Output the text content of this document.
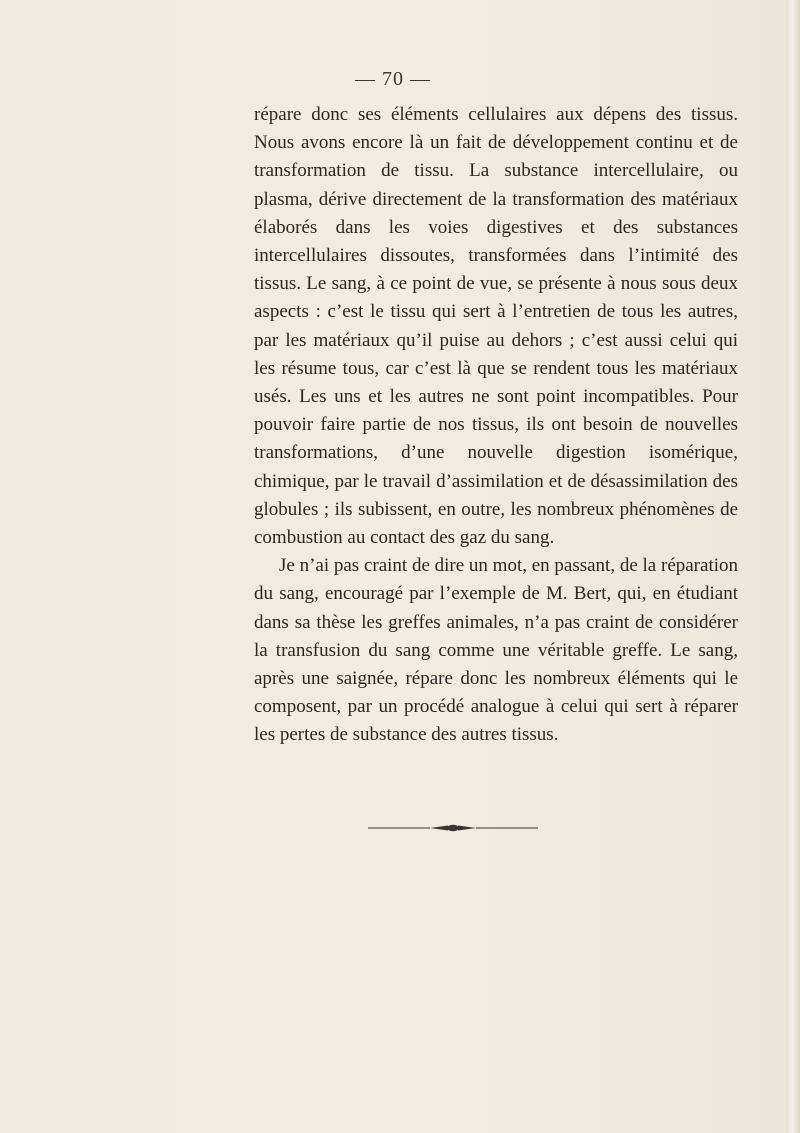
— 70 —

répare donc ses éléments cellulaires aux dépens des tissus. Nous avons encore là un fait de développement continu et de transformation de tissu. La substance intercellulaire, ou plasma, dérive directement de la transformation des matériaux élaborés dans les voies digestives et des substances intercellulaires dissoutes, transformées dans l’intimité des tissus. Le sang, à ce point de vue, se présente à nous sous deux aspects : c’est le tissu qui sert à l’entretien de tous les autres, par les matériaux qu’il puise au dehors ; c’est aussi celui qui les résume tous, car c’est là que se rendent tous les matériaux usés. Les uns et les autres ne sont point incompatibles. Pour pouvoir faire partie de nos tissus, ils ont besoin de nouvelles transformations, d’une nouvelle digestion isomérique, chimique, par le travail d’assimilation et de désassimilation des globules ; ils subissent, en outre, les nombreux phénomènes de combustion au contact des gaz du sang.

Je n’ai pas craint de dire un mot, en passant, de la réparation du sang, encouragé par l’exemple de M. Bert, qui, en étudiant dans sa thèse les greffes animales, n’a pas craint de considérer la transfusion du sang comme une véritable greffe. Le sang, après une saignée, répare donc les nombreux éléments qui le composent, par un procédé analogue à celui qui sert à réparer les pertes de substance des autres tissus.
